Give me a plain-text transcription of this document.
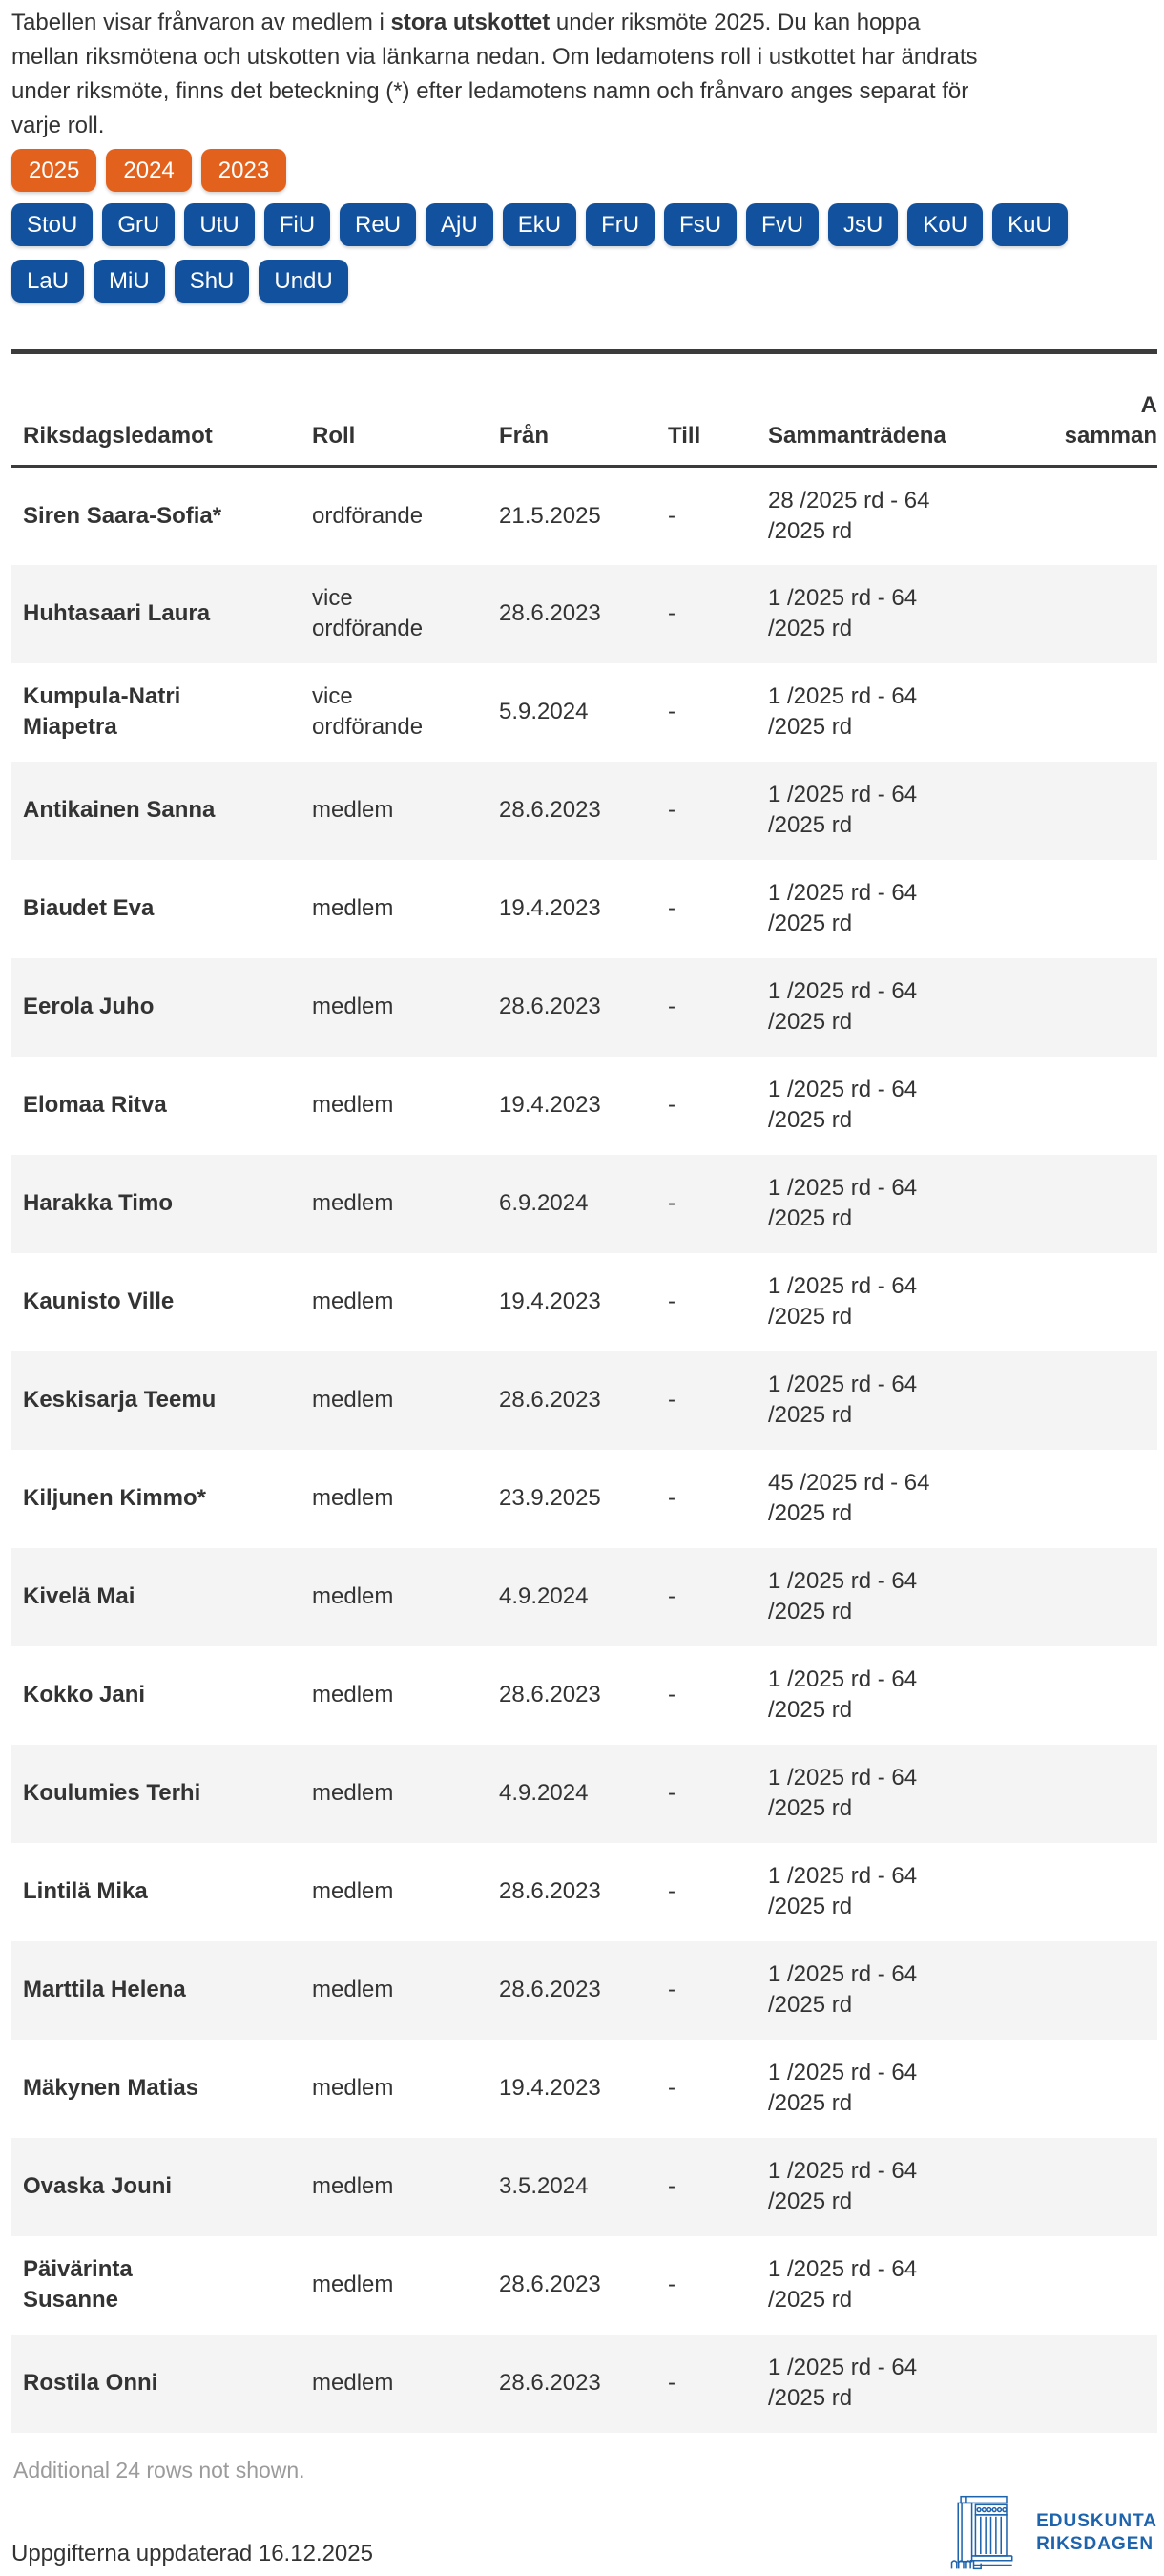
Tabellen visar frånvaron av medlem i stora utskottet under riksmöte 2025. Du kan hoppa mellan riksmötena och utskotten via länkarna nedan. Om ledamotens roll i ustkottet har ändrats under riksmöte, finns det beteckning (*) efter ledamotens namn och frånvaro anges separat för varje roll.

2025 2024 2023
StoU GrU UtU FiU ReU AjU EkU FrU FsU FvU JsU KoU KuU
LaU MiU ShU UndU
Riksdagsledamot	Roll	Från	Till	Sammanträdena	A
samman

Siren Saara-Sofia*	ordförande	21.5.2025	-	28 /2025 rd - 64 /2025 rd	
Huhtasaari Laura	vice ordförande	28.6.2023	-	1 /2025 rd - 64 /2025 rd	
Kumpula-Natri Miapetra	vice ordförande	5.9.2024	-	1 /2025 rd - 64 /2025 rd	
Antikainen Sanna	medlem	28.6.2023	-	1 /2025 rd - 64 /2025 rd	
Biaudet Eva	medlem	19.4.2023	-	1 /2025 rd - 64 /2025 rd	
Eerola Juho	medlem	28.6.2023	-	1 /2025 rd - 64 /2025 rd	
Elomaa Ritva	medlem	19.4.2023	-	1 /2025 rd - 64 /2025 rd	
Harakka Timo	medlem	6.9.2024	-	1 /2025 rd - 64 /2025 rd	
Kaunisto Ville	medlem	19.4.2023	-	1 /2025 rd - 64 /2025 rd	
Keskisarja Teemu	medlem	28.6.2023	-	1 /2025 rd - 64 /2025 rd	
Kiljunen Kimmo*	medlem	23.9.2025	-	45 /2025 rd - 64 /2025 rd	
Kivelä Mai	medlem	4.9.2024	-	1 /2025 rd - 64 /2025 rd	
Kokko Jani	medlem	28.6.2023	-	1 /2025 rd - 64 /2025 rd	
Koulumies Terhi	medlem	4.9.2024	-	1 /2025 rd - 64 /2025 rd	
Lintilä Mika	medlem	28.6.2023	-	1 /2025 rd - 64 /2025 rd	
Marttila Helena	medlem	28.6.2023	-	1 /2025 rd - 64 /2025 rd	
Mäkynen Matias	medlem	19.4.2023	-	1 /2025 rd - 64 /2025 rd	
Ovaska Jouni	medlem	3.5.2024	-	1 /2025 rd - 64 /2025 rd	
Päivärinta Susanne	medlem	28.6.2023	-	1 /2025 rd - 64 /2025 rd	
Rostila Onni	medlem	28.6.2023	-	1 /2025 rd - 64 /2025 rd	
Additional 24 rows not shown.
Uppgifterna uppdaterad 16.12.2025
EDUSKUNTA
RIKSDAGEN
